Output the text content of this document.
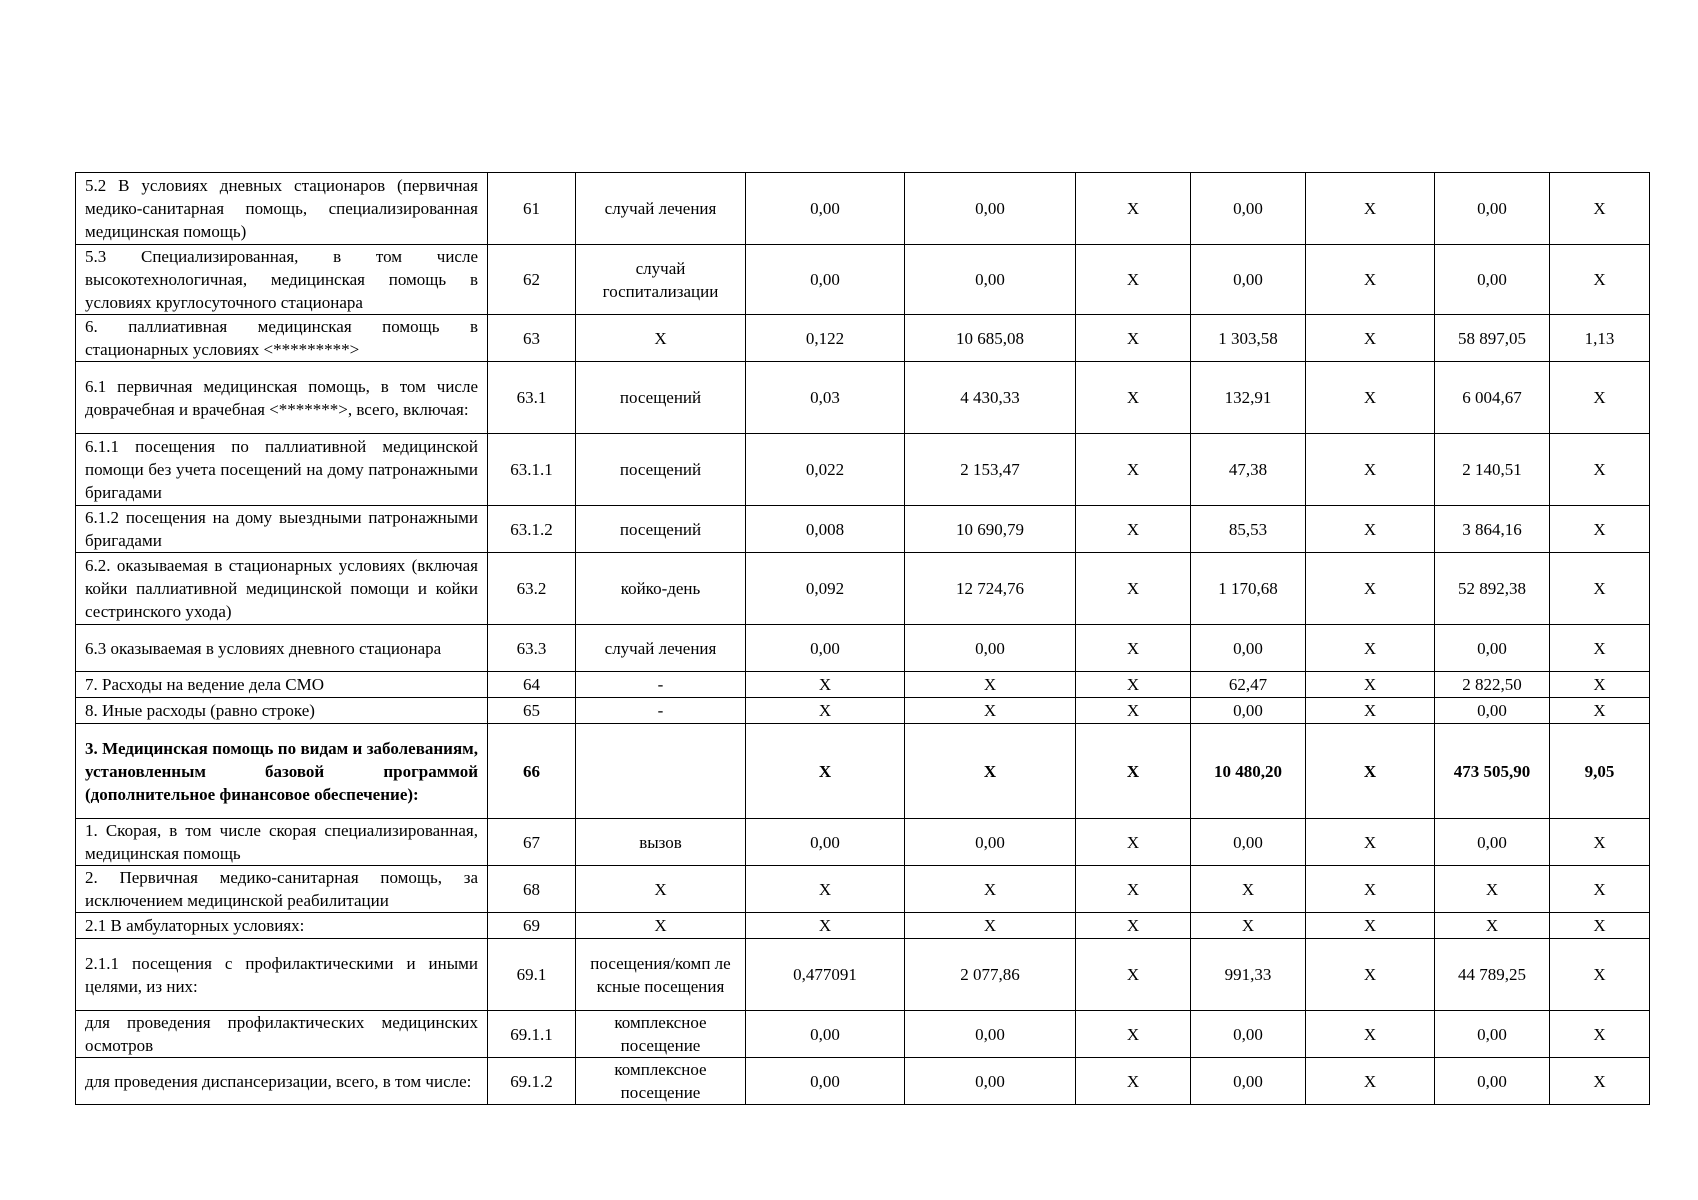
5.2 В условиях дневных стационаров (первичная медико-санитарная помощь, специализированная медицинская помощь)	61	случай лечения	0,00	0,00	Х	0,00	Х	0,00	Х
5.3 Специализированная, в том числе высокотехнологичная, медицинская помощь в условиях круглосуточного стационара	62	случай госпитализации	0,00	0,00	Х	0,00	Х	0,00	Х
6. паллиативная медицинская помощь в стационарных условиях <*********>	63	Х	0,122	10 685,08	Х	1 303,58	Х	58 897,05	1,13
6.1 первичная медицинская помощь, в том числе доврачебная и врачебная <*******>, всего, включая:	63.1	посещений	0,03	4 430,33	Х	132,91	Х	6 004,67	Х
6.1.1 посещения по паллиативной медицинской помощи без учета посещений на дому патронажными бригадами	63.1.1	посещений	0,022	2 153,47	Х	47,38	Х	2 140,51	Х
6.1.2 посещения на дому выездными патронажными бригадами	63.1.2	посещений	0,008	10 690,79	Х	85,53	Х	3 864,16	Х
6.2. оказываемая в стационарных условиях (включая койки паллиативной медицинской помощи и койки сестринского ухода)	63.2	койко-день	0,092	12 724,76	Х	1 170,68	Х	52 892,38	Х
6.3 оказываемая в условиях дневного стационара	63.3	случай лечения	0,00	0,00	Х	0,00	Х	0,00	Х
7. Расходы на ведение дела СМО	64	-	Х	Х	Х	62,47	Х	2 822,50	Х
8. Иные расходы (равно строке)	65	-	Х	Х	Х	0,00	Х	0,00	Х
3. Медицинская помощь по видам и заболеваниям, установленным базовой программой (дополнительное финансовое обеспечение):	66		Х	Х	Х	10 480,20	Х	473 505,90	9,05
1. Скорая, в том числе скорая специализированная, медицинская помощь	67	вызов	0,00	0,00	Х	0,00	Х	0,00	Х
2. Первичная медико-санитарная помощь, за исключением медицинской реабилитации	68	Х	Х	Х	Х	Х	Х	Х	Х
2.1 В амбулаторных условиях:	69	Х	Х	Х	Х	Х	Х	Х	Х
2.1.1 посещения с профилактическими и иными целями, из них:	69.1	посещения/комп ле ксные посещения	0,477091	2 077,86	Х	991,33	Х	44 789,25	Х
для проведения профилактических медицинских осмотров	69.1.1	комплексное посещение	0,00	0,00	Х	0,00	Х	0,00	Х
для проведения диспансеризации, всего, в том числе:	69.1.2	комплексное посещение	0,00	0,00	Х	0,00	Х	0,00	Х
